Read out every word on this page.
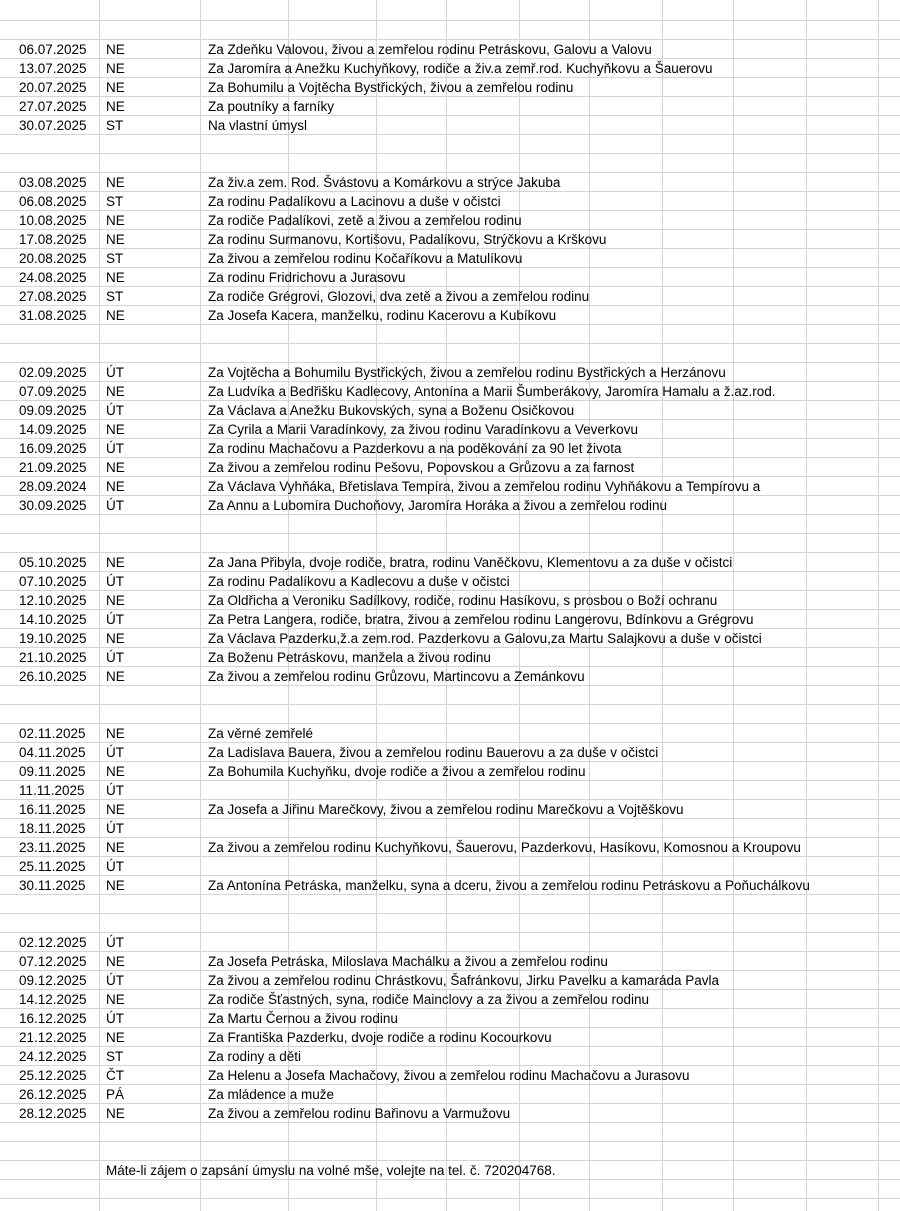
06.07.2025 NE	Za Zdeňku Valovou, živou a zemřelou rodinu Petráskovu, Galovu a Valovu
13.07.2025 NE	Za Jaromíra a Anežku Kuchyňkovy, rodiče a živ.a zemř.rod. Kuchyňkovu a Šauerovu
20.07.2025 NE	Za Bohumilu a Vojtěcha Bystřických, živou a zemřelou rodinu
27.07.2025 NE	Za poutníky a farníky
30.07.2025 ST	Na vlastní úmysl
03.08.2025 NE	Za živ.a zem. Rod. Švástovu a Komárkovu a strýce Jakuba
06.08.2025 ST	Za rodinu Padalíkovu a Lacinovu a duše v očistci
10.08.2025 NE	Za rodiče Padalíkovi, zetě a živou a zemřelou rodinu
17.08.2025 NE	Za rodinu Surmanovu, Kortišovu, Padalíkovu, Strýčkovu a Krškovu
20.08.2025 ST	Za živou a zemřelou rodinu Kočaříkovu a Matulíkovu
24.08.2025 NE	Za rodinu Fridrichovu a Jurasovu
27.08.2025 ST	Za rodiče Grégrovi, Glozovi, dva zetě a živou a zemřelou rodinu
31.08.2025 NE	Za Josefa Kacera, manželku, rodinu Kacerovu a Kubíkovu
02.09.2025 ÚT	Za Vojtěcha a Bohumilu Bystřických, živou a zemřelou rodinu Bystřických a Herzánovu
07.09.2025 NE	Za Ludvíka a Bedřišku Kadlecovy, Antonína a Marii Šumberákovy, Jaromíra Hamalu a ž.az.rod.
09.09.2025 ÚT	Za Václava a Anežku Bukovských, syna a Boženu Osičkovou
14.09.2025 NE	Za Cyrila a Marii Varadínkovy, za živou rodinu Varadínkovu a Veverkovu
16.09.2025 ÚT	Za rodinu Machačovu a Pazderkovu a na poděkování za 90 let života
21.09.2025 NE	Za živou a zemřelou rodinu Pešovu, Popovskou a Grůzovu a za farnost
28.09.2024 NE	Za Václava Vyhňáka, Břetislava Tempíra, živou a zemřelou rodinu Vyhňákovu a Tempírovu a
30.09.2025 ÚT	Za Annu a Lubomíra Duchoňovy, Jaromíra Horáka a živou a zemřelou rodinu
05.10.2025 NE	Za Jana Přibyla, dvoje rodiče, bratra, rodinu Vaněčkovu, Klementovu a za duše v očistci
07.10.2025 ÚT	Za rodinu Padalíkovu a Kadlecovu a duše v očistci
12.10.2025 NE	Za Oldřicha a Veroniku Sadílkovy, rodiče, rodinu Hasíkovu, s prosbou o Boží ochranu
14.10.2025 ÚT	Za Petra Langera, rodiče, bratra, živou a zemřelou rodinu Langerovu, Bdínkovu a Grégrovu
19.10.2025 NE	Za Václava Pazderku,ž.a zem.rod. Pazderkovu a Galovu,za Martu Salajkovu a duše v očistci
21.10.2025 ÚT	Za Boženu Petráskovu, manžela a živou rodinu
26.10.2025 NE	Za živou a zemřelou rodinu Grůzovu, Martincovu a Zemánkovu
02.11.2025 NE	Za věrné zemřelé
04.11.2025 ÚT	Za Ladislava Bauera, živou a zemřelou rodinu Bauerovu a za duše v očistci
09.11.2025 NE	Za Bohumila Kuchyňku, dvoje rodiče a živou a zemřelou rodinu
11.11.2025 ÚT
16.11.2025 NE	Za Josefa a Jiřinu Marečkovy, živou a zemřelou rodinu Marečkovu a Vojtěškovu
18.11.2025 ÚT
23.11.2025 NE	Za živou a zemřelou rodinu Kuchyňkovu, Šauerovu, Pazderkovu, Hasíkovu, Komosnou a Kroupovu
25.11.2025 ÚT
30.11.2025 NE	Za Antonína Petráska, manželku, syna a dceru, živou a zemřelou rodinu Petráskovu a Poňuchálkovu
02.12.2025 ÚT
07.12.2025 NE	Za Josefa Petráska, Miloslava Machálku a živou a zemřelou rodinu
09.12.2025 ÚT	Za živou a zemřelou rodinu Chrástkovu, Šafránkovu, Jirku Pavelku a kamaráda Pavla
14.12.2025 NE	Za rodiče Šťastných, syna, rodiče Mainclovy a za živou a zemřelou rodinu
16.12.2025 ÚT	Za Martu Černou a živou rodinu
21.12.2025 NE	Za Františka Pazderku, dvoje rodiče a rodinu Kocourkovu
24.12.2025 ST	Za rodiny a děti
25.12.2025 ČT	Za Helenu a Josefa Machačovy, živou a zemřelou rodinu Machačovu a Jurasovu
26.12.2025 PÁ	Za mládence a muže
28.12.2025 NE	Za živou a zemřelou rodinu Bařinovu a Varmužovu
Máte-li zájem o zapsání úmyslu na volné mše, volejte na tel. č. 720204768.
